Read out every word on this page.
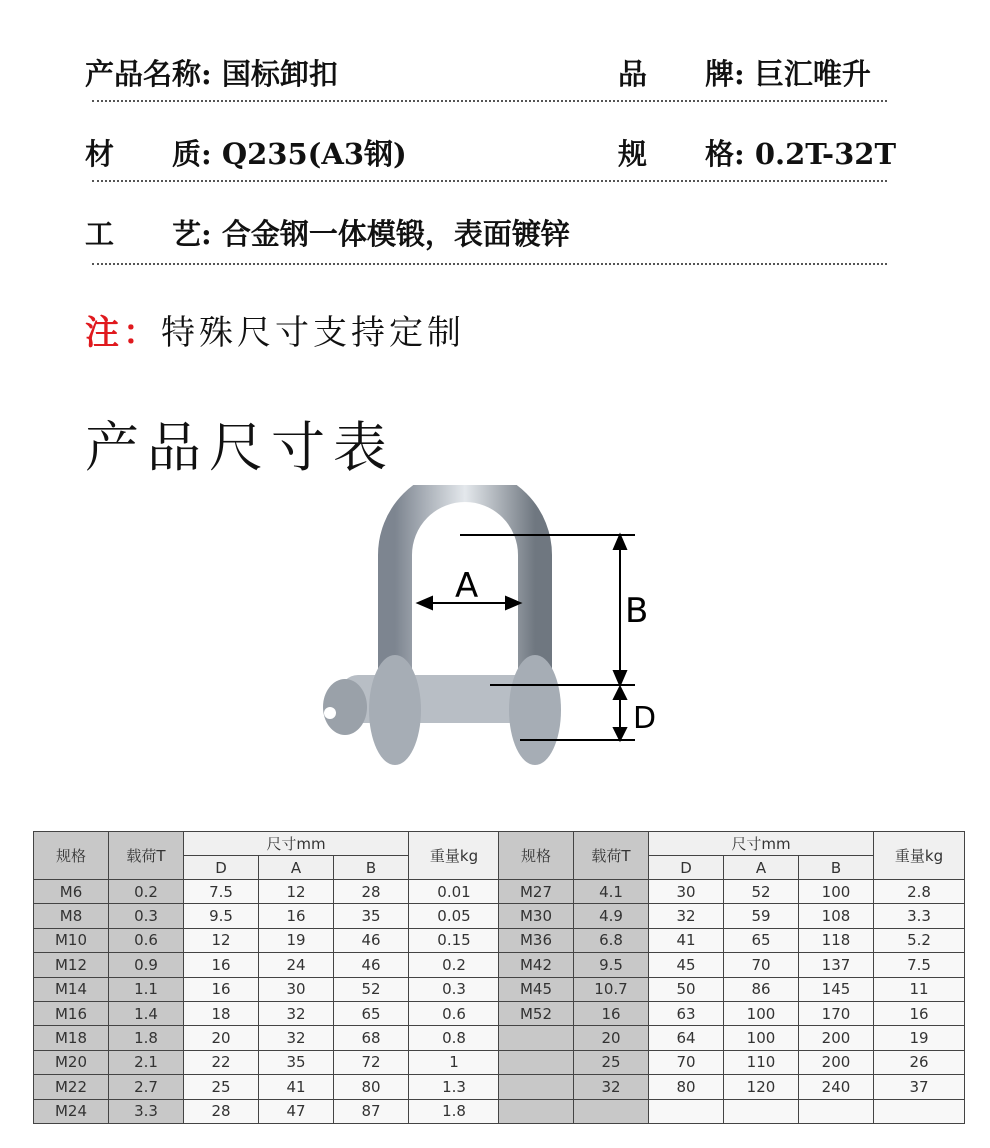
产品名称: 国标卸扣	品　　牌: 巨汇唯升
材　　质: Q235(A3钢)	规　　格: 0.2T-32T
工　　艺: 合金钢一体模锻，表面镀锌
注：特殊尺寸支持定制
产品尺寸表
A
B
D
规格	载荷T	尺寸mm			重量kg
		D	A	B	
M6	0.2	7.5	12	28	0.01
M8	0.3	9.5	16	35	0.05
M10	0.6	12	19	46	0.15
M12	0.9	16	24	46	0.2
M14	1.1	16	30	52	0.3
M16	1.4	18	32	65	0.6
M18	1.8	20	32	68	0.8
M20	2.1	22	35	72	1
M22	2.7	25	41	80	1.3
M24	3.3	28	47	87	1.8
规格	载荷T	尺寸mm			重量kg
		D	A	B	
M27	4.1	30	52	100	2.8
M30	4.9	32	59	108	3.3
M36	6.8	41	65	118	5.2
M42	9.5	45	70	137	7.5
M45	10.7	50	86	145	11
M52	16	63	100	170	16
	20	64	100	200	19
	25	70	110	200	26
	32	80	120	240	37
